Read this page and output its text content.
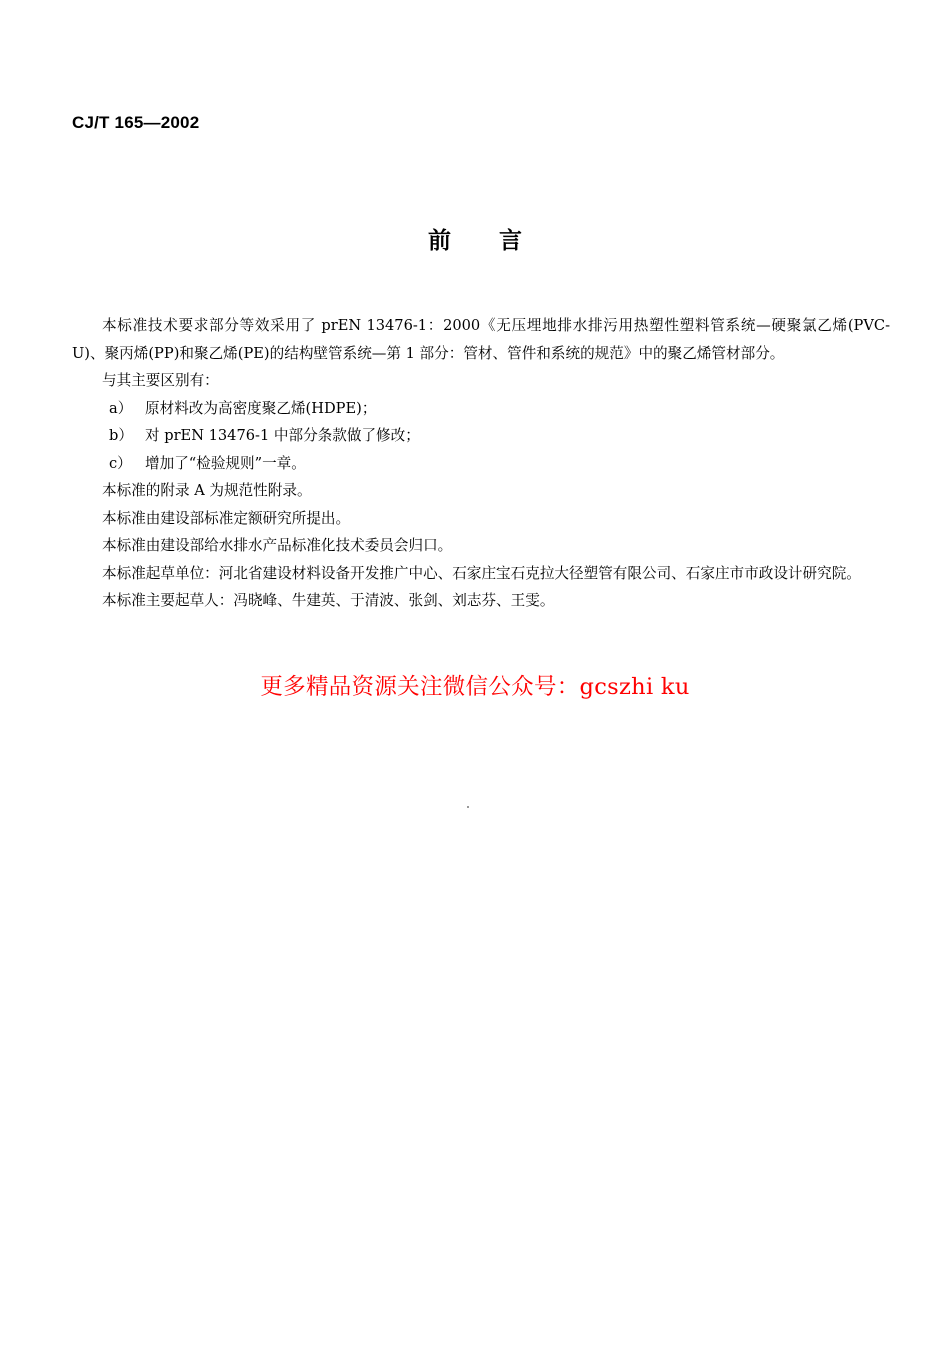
CJ/T 165—2002
前言

本标准技术要求部分等效采用了 prEN 13476-1：2000《无压埋地排水排污用热塑性塑料管系统—硬聚氯乙烯(PVC-U)、聚丙烯(PP)和聚乙烯(PE)的结构壁管系统—第 1 部分：管材、管件和系统的规范》中的聚乙烯管材部分。

与其主要区别有：

a） 原材料改为高密度聚乙烯(HDPE)；

b） 对 prEN 13476-1 中部分条款做了修改；

c） 增加了“检验规则”一章。

本标准的附录 A 为规范性附录。

本标准由建设部标准定额研究所提出。

本标准由建设部给水排水产品标准化技术委员会归口。

本标准起草单位：河北省建设材料设备开发推广中心、石家庄宝石克拉大径塑管有限公司、石家庄市市政设计研究院。

本标准主要起草人：冯晓峰、牛建英、于清波、张剑、刘志芬、王雯。

更多精品资源关注微信公众号：gcszhi ku
